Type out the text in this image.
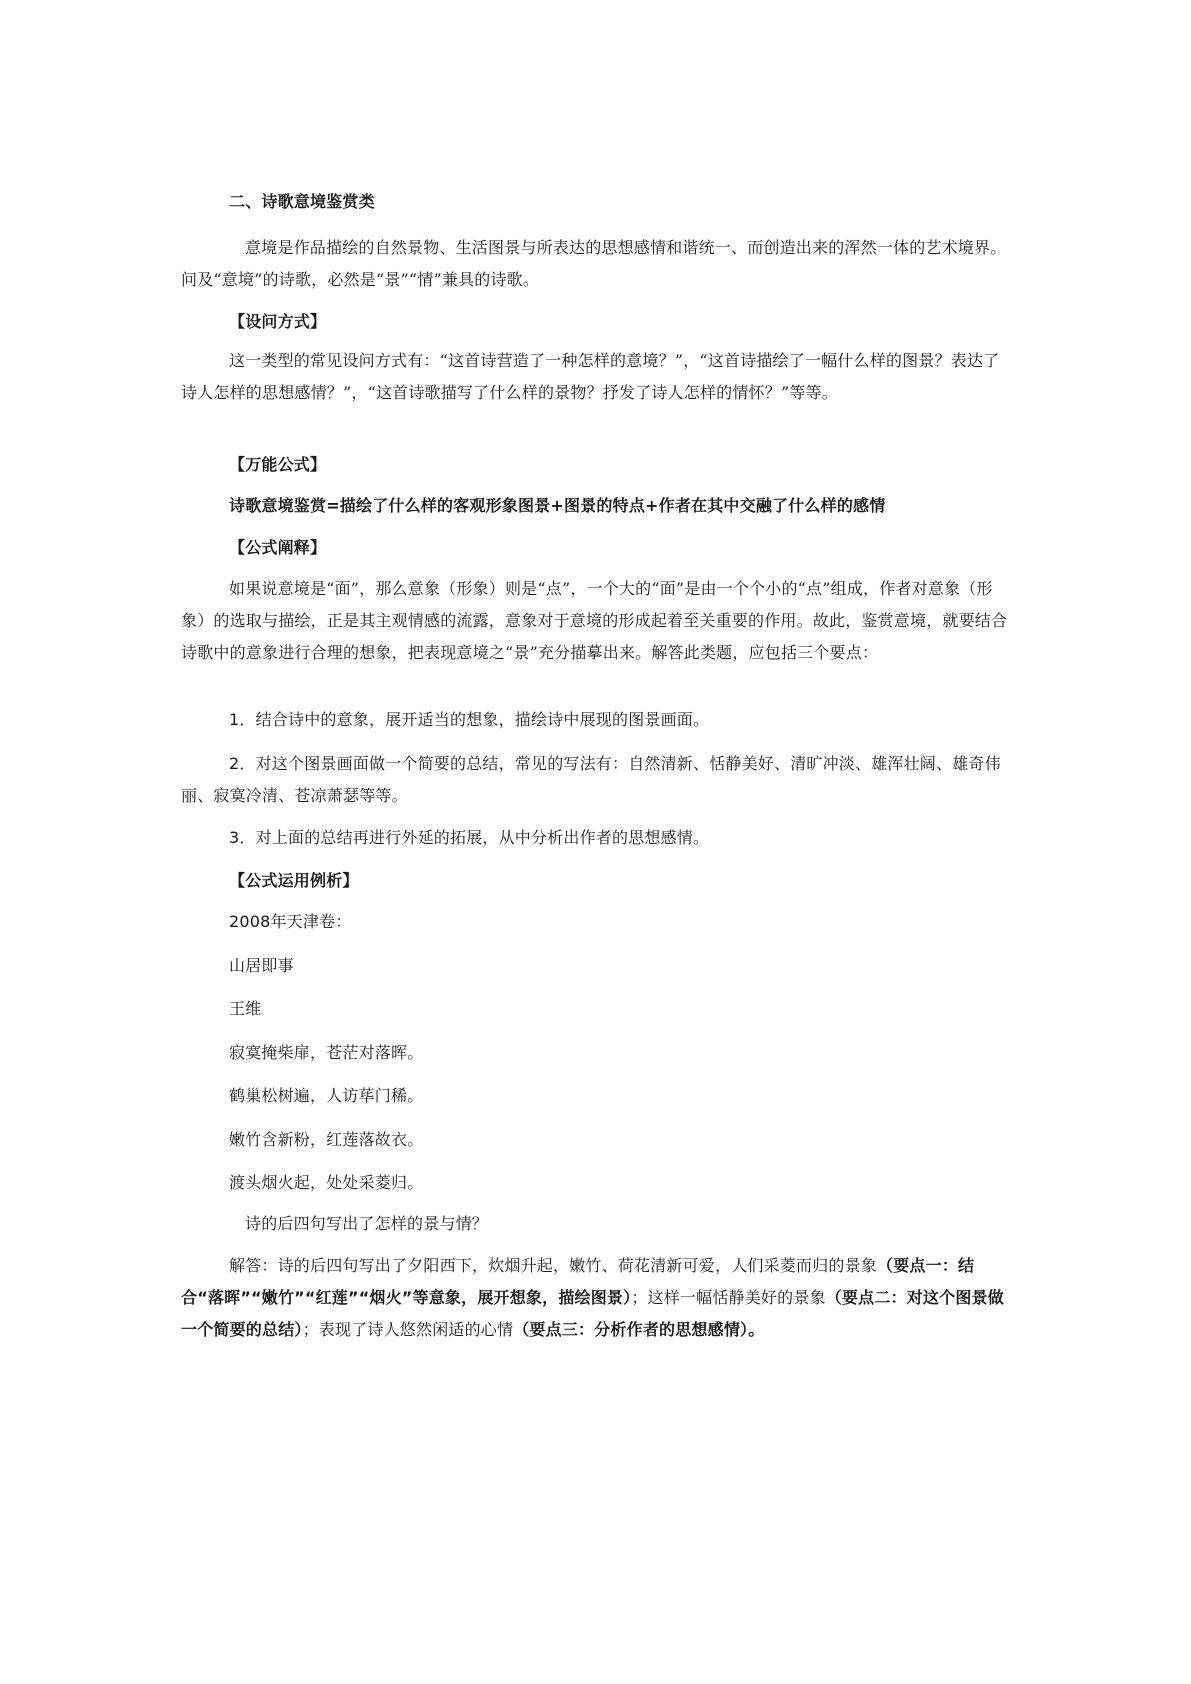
二、诗歌意境鉴赏类

意境是作品描绘的自然景物、生活图景与所表达的思想感情和谐统一、而创造出来的浑然一体的艺术境界。问及“意境”的诗歌，必然是“景”“情”兼具的诗歌。

【设问方式】

这一类型的常见设问方式有：“这首诗营造了一种怎样的意境？”，“这首诗描绘了一幅什么样的图景？表达了诗人怎样的思想感情？”，“这首诗歌描写了什么样的景物？抒发了诗人怎样的情怀？”等等。

【万能公式】

诗歌意境鉴赏=描绘了什么样的客观形象图景+图景的特点+作者在其中交融了什么样的感情

【公式阐释】

如果说意境是“面”，那么意象（形象）则是“点”，一个大的“面”是由一个个小的“点”组成，作者对意象（形象）的选取与描绘，正是其主观情感的流露，意象对于意境的形成起着至关重要的作用。故此，鉴赏意境，就要结合诗歌中的意象进行合理的想象，把表现意境之“景”充分描摹出来。解答此类题，应包括三个要点：

1．结合诗中的意象，展开适当的想象，描绘诗中展现的图景画面。

2．对这个图景画面做一个简要的总结，常见的写法有：自然清新、恬静美好、清旷冲淡、雄浑壮阔、雄奇伟丽、寂寞冷清、苍凉萧瑟等等。

3．对上面的总结再进行外延的拓展，从中分析出作者的思想感情。

【公式运用例析】

2008年天津卷：

山居即事

王维

寂寞掩柴扉，苍茫对落晖。

鹤巢松树遍，人访荜门稀。

嫩竹含新粉，红莲落故衣。

渡头烟火起，处处采菱归。

诗的后四句写出了怎样的景与情？

解答：诗的后四句写出了夕阳西下，炊烟升起，嫩竹、荷花清新可爱，人们采菱而归的景象（要点一：结合“落晖”“嫩竹”“红莲”“烟火”等意象，展开想象，描绘图景）；这样一幅恬静美好的景象（要点二：对这个图景做一个简要的总结）；表现了诗人悠然闲适的心情（要点三：分析作者的思想感情）。
